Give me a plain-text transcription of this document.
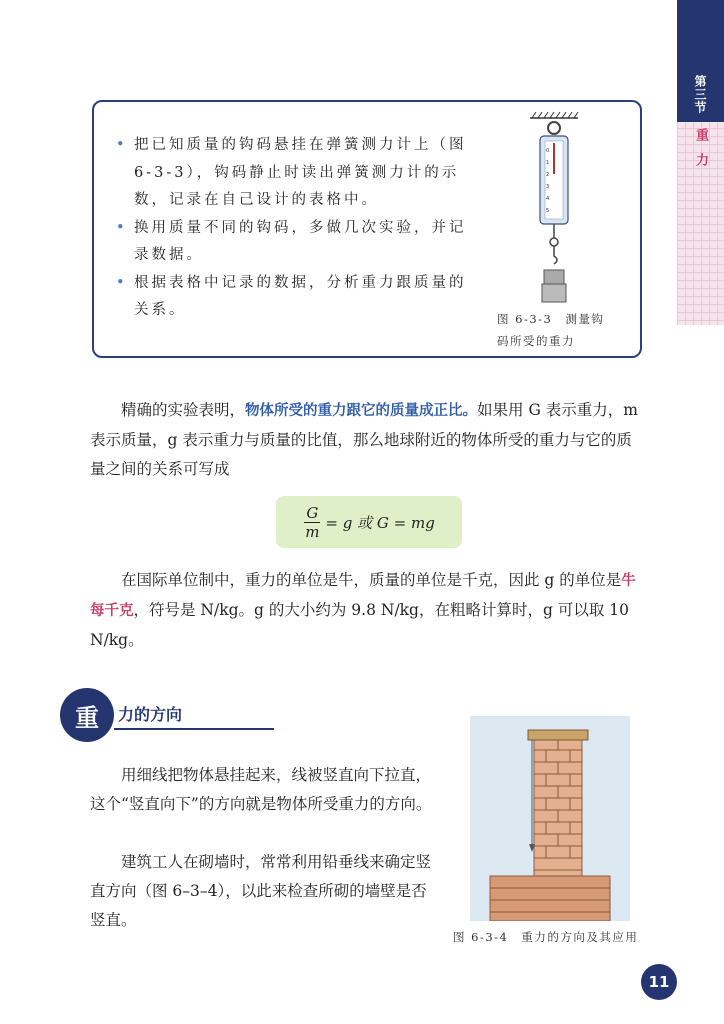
第三节
重力
• 把已知质量的钩码悬挂在弹簧测力计上（图6-3-3），钩码静止时读出弹簧测力计的示数，记录在自己设计的表格中。
• 换用质量不同的钩码，多做几次实验，并记录数据。
• 根据表格中记录的数据，分析重力跟质量的关系。
0
1
2
3
4
5
图 6-3-3　测量钩
码所受的重力

精确的实验表明，物体所受的重力跟它的质量成正比。如果用 G 表示重力，m 表示质量，g 表示重力与质量的比值，那么地球附近的物体所受的重力与它的质量之间的关系可写成

$\frac{G}{m} = g$ 或 G = mg

在国际单位制中，重力的单位是牛，质量的单位是千克，因此 g 的单位是牛每千克，符号是 N/kg。g 的大小约为 9.8 N/kg，在粗略计算时，g 可以取 10 N/kg。

重	力的方向

用细线把物体悬挂起来，线被竖直向下拉直，这个“竖直向下”的方向就是物体所受重力的方向。

建筑工人在砌墙时，常常利用铅垂线来确定竖直方向（图 6–3–4），以此来检查所砌的墙壁是否竖直。

图 6-3-4　重力的方向及其应用
11
